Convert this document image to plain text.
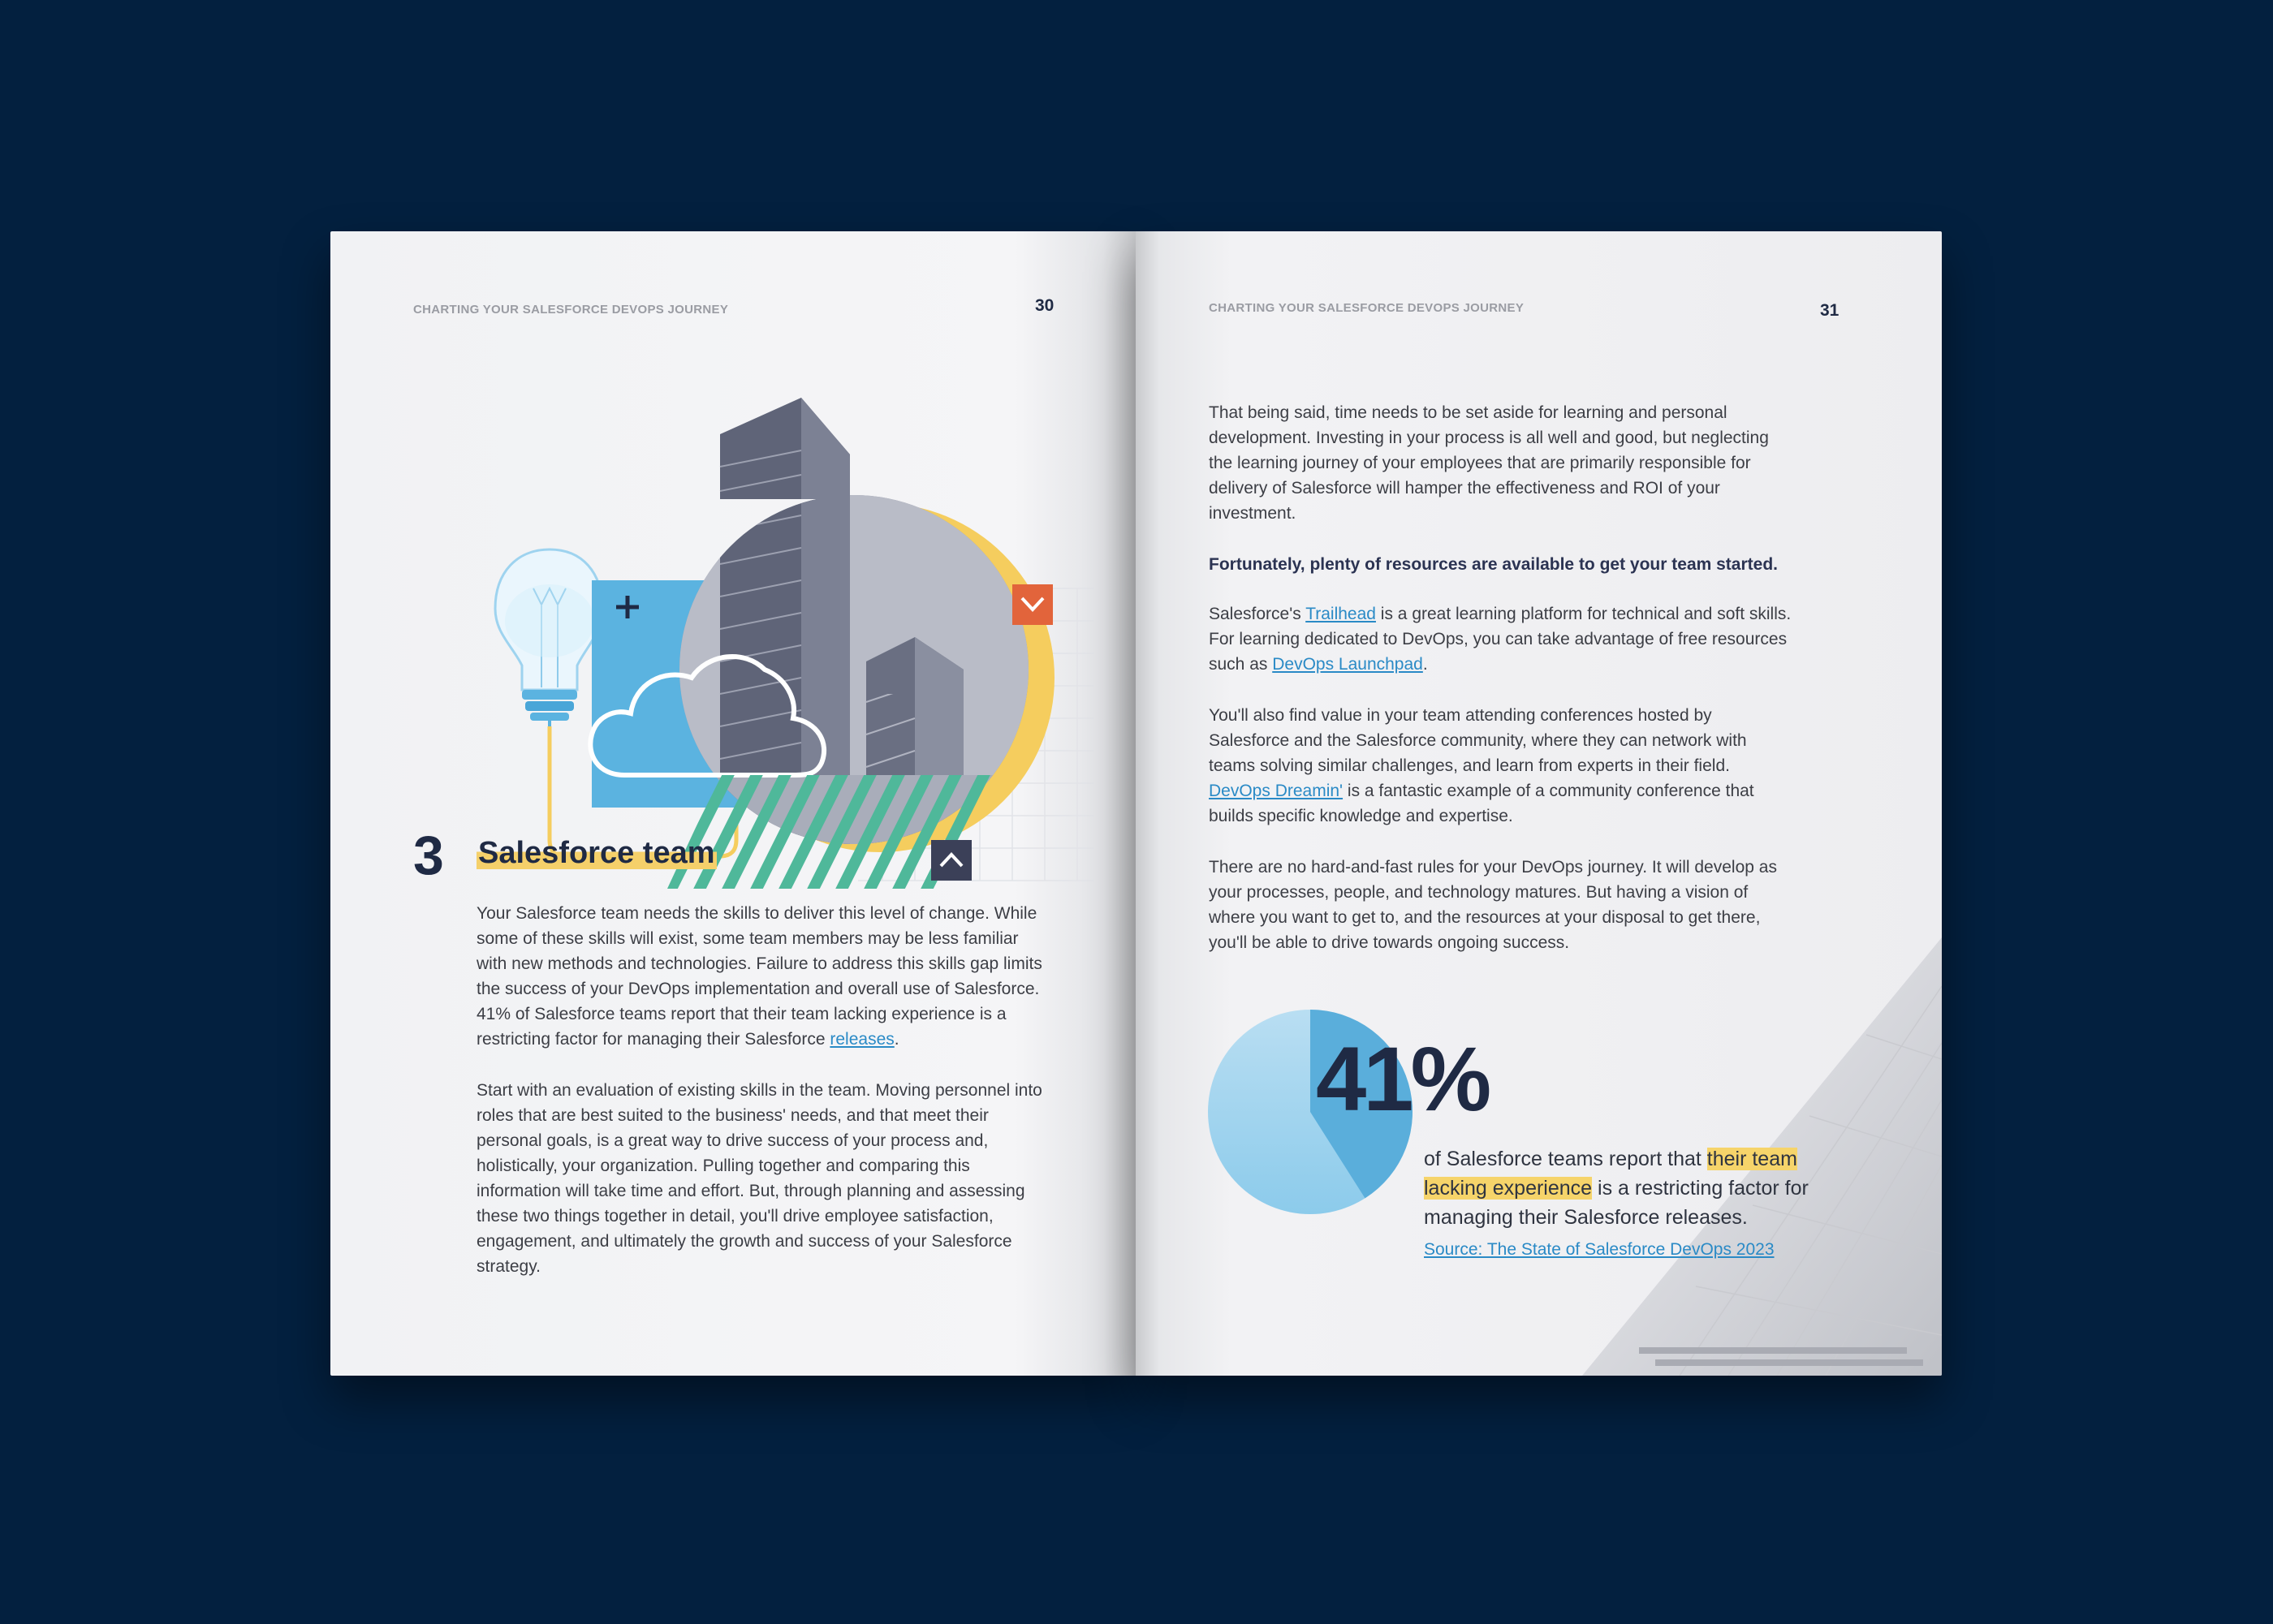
CHARTING YOUR SALESFORCE DEVOPS JOURNEY	30
3 Salesforce team

Your Salesforce team needs the skills to deliver this level of change. While some of these skills will exist, some team members may be less familiar with new methods and technologies. Failure to address this skills gap limits the success of your DevOps implementation and overall use of Salesforce. 41% of Salesforce teams report that their team lacking experience is a restricting factor for managing their Salesforce releases.

Start with an evaluation of existing skills in the team. Moving personnel into roles that are best suited to the business' needs, and that meet their personal goals, is a great way to drive success of your process and, holistically, your organization. Pulling together and comparing this information will take time and effort. But, through planning and assessing these two things together in detail, you'll drive employee satisfaction, engagement, and ultimately the growth and success of your Salesforce strategy.

CHARTING YOUR SALESFORCE DEVOPS JOURNEY	31

That being said, time needs to be set aside for learning and personal development. Investing in your process is all well and good, but neglecting the learning journey of your employees that are primarily responsible for delivery of Salesforce will hamper the effectiveness and ROI of your investment.

Fortunately, plenty of resources are available to get your team started.

Salesforce's Trailhead is a great learning platform for technical and soft skills. For learning dedicated to DevOps, you can take advantage of free resources such as DevOps Launchpad.

You'll also find value in your team attending conferences hosted by Salesforce and the Salesforce community, where they can network with teams solving similar challenges, and learn from experts in their field. DevOps Dreamin' is a fantastic example of a community conference that builds specific knowledge and expertise.

There are no hard-and-fast rules for your DevOps journey. It will develop as your processes, people, and technology matures. But having a vision of where you want to get to, and the resources at your disposal to get there, you'll be able to drive towards ongoing success.

41%
of Salesforce teams report that their team lacking experience is a restricting factor for managing their Salesforce releases.
Source: The State of Salesforce DevOps 2023
